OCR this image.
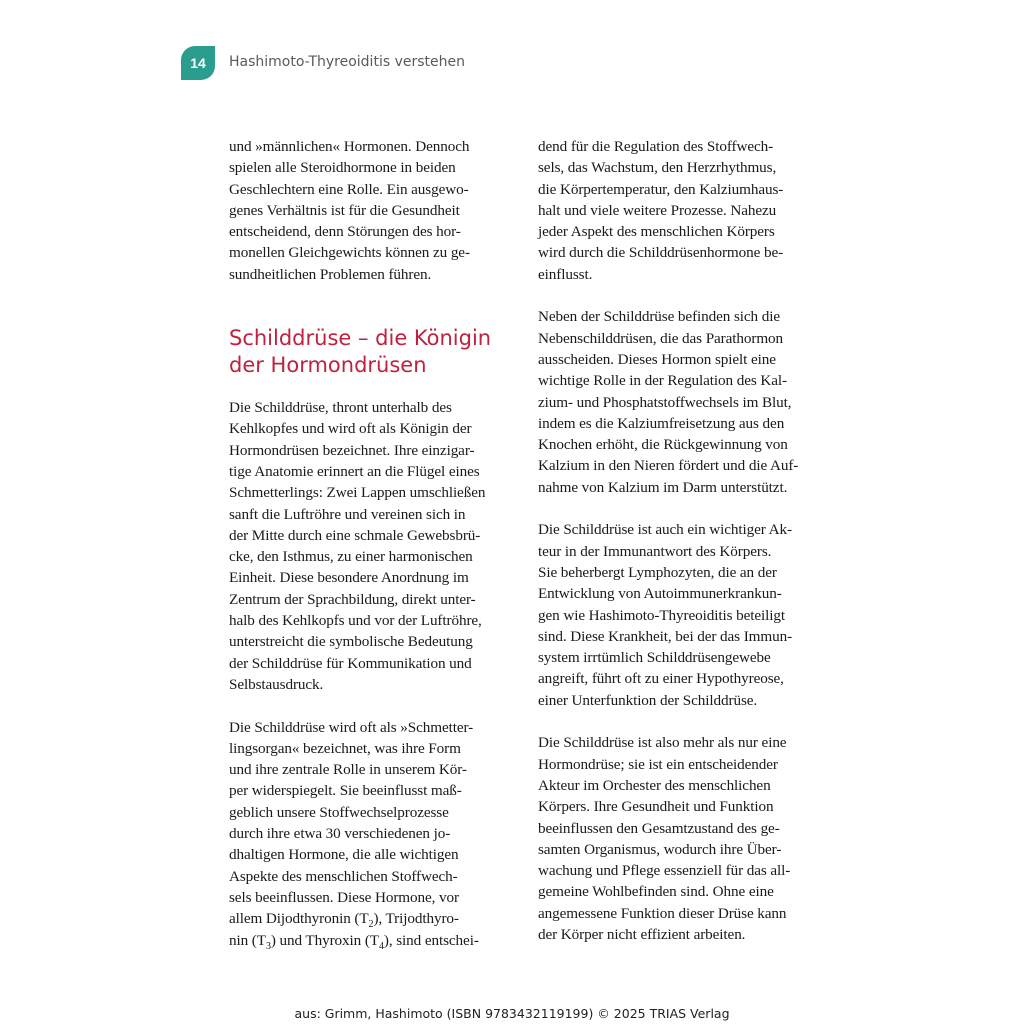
14 Hashimoto-Thyreoiditis verstehen

und »männlichen« Hormonen. Dennoch
spielen alle Steroidhormone in beiden
Geschlechtern eine Rolle. Ein ausgewo-
genes Verhältnis ist für die Gesundheit
entscheidend, denn Störungen des hor-
monellen Gleichgewichts können zu ge-
sundheitlichen Problemen führen.

Schilddrüse – die Königin
der Hormondrüsen

Die Schilddrüse, thront unterhalb des
Kehlkopfes und wird oft als Königin der
Hormondrüsen bezeichnet. Ihre einzigar-
tige Anatomie erinnert an die Flügel eines
Schmetterlings: Zwei Lappen umschließen
sanft die Luftröhre und vereinen sich in
der Mitte durch eine schmale Gewebsbrü-
cke, den Isthmus, zu einer harmonischen
Einheit. Diese besondere Anordnung im
Zentrum der Sprachbildung, direkt unter-
halb des Kehlkopfs und vor der Luftröhre,
unterstreicht die symbolische Bedeutung
der Schilddrüse für Kommunikation und
Selbstausdruck.

Die Schilddrüse wird oft als »Schmetter-
lingsorgan« bezeichnet, was ihre Form
und ihre zentrale Rolle in unserem Kör-
per widerspiegelt. Sie beeinflusst maß-
geblich unsere Stoffwechselprozesse
durch ihre etwa 30 verschiedenen jo-
dhaltigen Hormone, die alle wichtigen
Aspekte des menschlichen Stoffwech-
sels beeinflussen. Diese Hormone, vor
allem Dijodthyronin $(T_2)$, Trijodthyro-
nin $(T_3)$ und Thyroxin $(T_4)$, sind entschei-

dend für die Regulation des Stoffwech-
sels, das Wachstum, den Herzrhythmus,
die Körpertemperatur, den Kalziumhaus-
halt und viele weitere Prozesse. Nahezu
jeder Aspekt des menschlichen Körpers
wird durch die Schilddrüsenhormone be-
einflusst.

Neben der Schilddrüse befinden sich die
Nebenschilddrüsen, die das Parathormon
ausscheiden. Dieses Hormon spielt eine
wichtige Rolle in der Regulation des Kal-
zium- und Phosphatstoffwechsels im Blut,
indem es die Kalziumfreisetzung aus den
Knochen erhöht, die Rückgewinnung von
Kalzium in den Nieren fördert und die Auf-
nahme von Kalzium im Darm unterstützt.

Die Schilddrüse ist auch ein wichtiger Ak-
teur in der Immunantwort des Körpers.
Sie beherbergt Lymphozyten, die an der
Entwicklung von Autoimmunerkrankun-
gen wie Hashimoto-Thyreoiditis beteiligt
sind. Diese Krankheit, bei der das Immun-
system irrtümlich Schilddrüsengewebe
angreift, führt oft zu einer Hypothyreose,
einer Unterfunktion der Schilddrüse.

Die Schilddrüse ist also mehr als nur eine
Hormondrüse; sie ist ein entscheidender
Akteur im Orchester des menschlichen
Körpers. Ihre Gesundheit und Funktion
beeinflussen den Gesamtzustand des ge-
samten Organismus, wodurch ihre Über-
wachung und Pflege essenziell für das all-
gemeine Wohlbefinden sind. Ohne eine
angemessene Funktion dieser Drüse kann
der Körper nicht effizient arbeiten.

aus: Grimm, Hashimoto (ISBN 9783432119199) © 2025 TRIAS Verlag
